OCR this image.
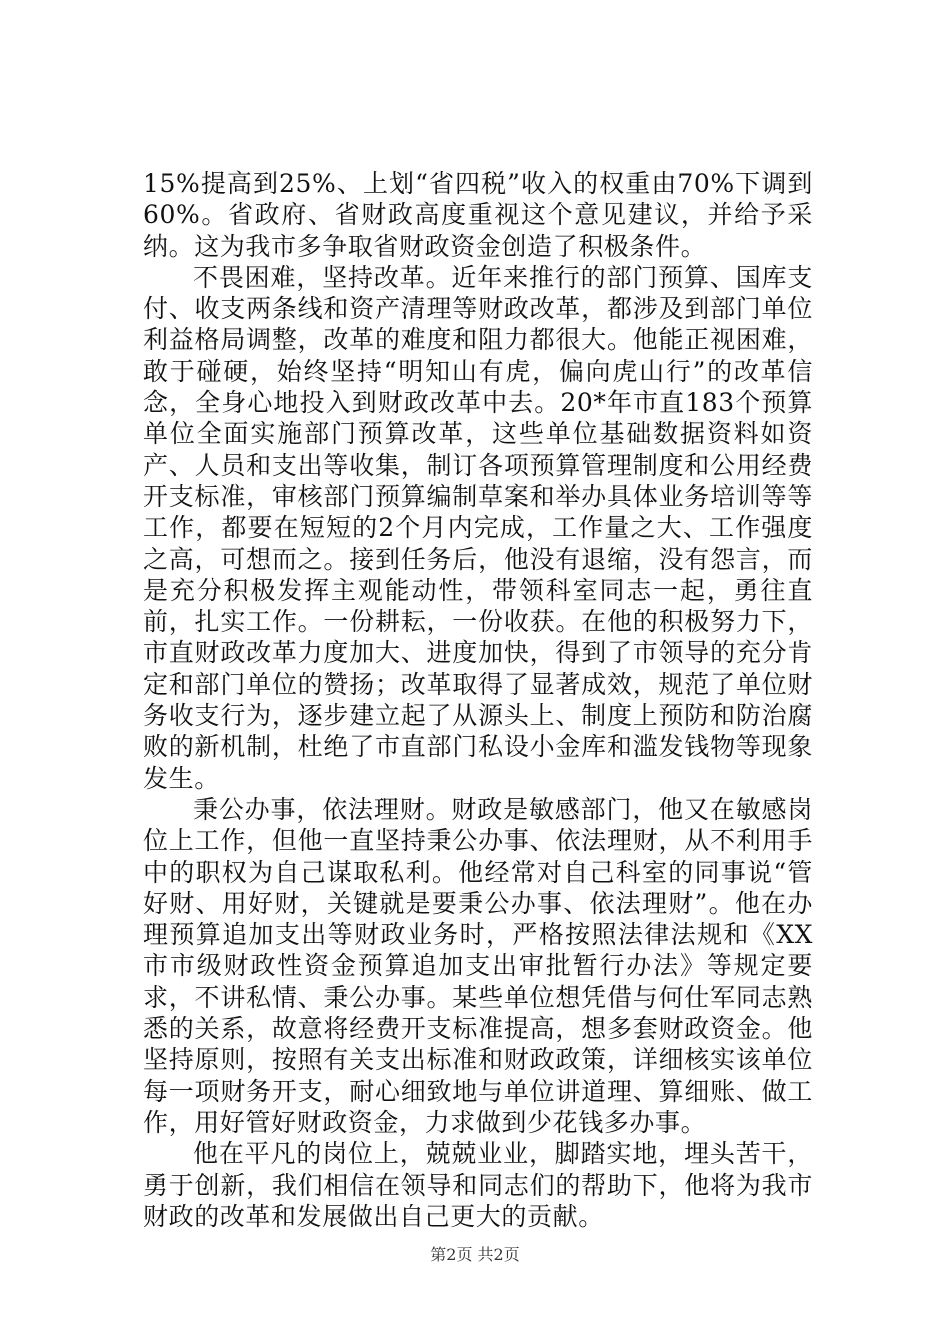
15%提高到25%、上划“省四税”收入的权重由70%下调到60%。省政府、省财政高度重视这个意见建议，并给予采纳。这为我市多争取省财政资金创造了积极条件。

不畏困难，坚持改革。近年来推行的部门预算、国库支付、收支两条线和资产清理等财政改革，都涉及到部门单位利益格局调整，改革的难度和阻力都很大。他能正视困难，敢于碰硬，始终坚持“明知山有虎，偏向虎山行”的改革信念，全身心地投入到财政改革中去。20*年市直183个预算单位全面实施部门预算改革，这些单位基础数据资料如资产、人员和支出等收集，制订各项预算管理制度和公用经费开支标准，审核部门预算编制草案和举办具体业务培训等等工作，都要在短短的2个月内完成，工作量之大、工作强度之高，可想而之。接到任务后，他没有退缩，没有怨言，而是充分积极发挥主观能动性，带领科室同志一起，勇往直前，扎实工作。一份耕耘，一份收获。在他的积极努力下，市直财政改革力度加大、进度加快，得到了市领导的充分肯定和部门单位的赞扬；改革取得了显著成效，规范了单位财务收支行为，逐步建立起了从源头上、制度上预防和防治腐败的新机制，杜绝了市直部门私设小金库和滥发钱物等现象发生。

秉公办事，依法理财。财政是敏感部门，他又在敏感岗位上工作，但他一直坚持秉公办事、依法理财，从不利用手中的职权为自己谋取私利。他经常对自己科室的同事说“管好财、用好财，关键就是要秉公办事、依法理财”。他在办理预算追加支出等财政业务时，严格按照法律法规和《XX市市级财政性资金预算追加支出审批暂行办法》等规定要求，不讲私情、秉公办事。某些单位想凭借与何仕军同志熟悉的关系，故意将经费开支标准提高，想多套财政资金。他坚持原则，按照有关支出标准和财政政策，详细核实该单位每一项财务开支，耐心细致地与单位讲道理、算细账、做工作，用好管好财政资金，力求做到少花钱多办事。

他在平凡的岗位上，兢兢业业，脚踏实地，埋头苦干，勇于创新，我们相信在领导和同志们的帮助下，他将为我市财政的改革和发展做出自己更大的贡献。

第2页 共2页
